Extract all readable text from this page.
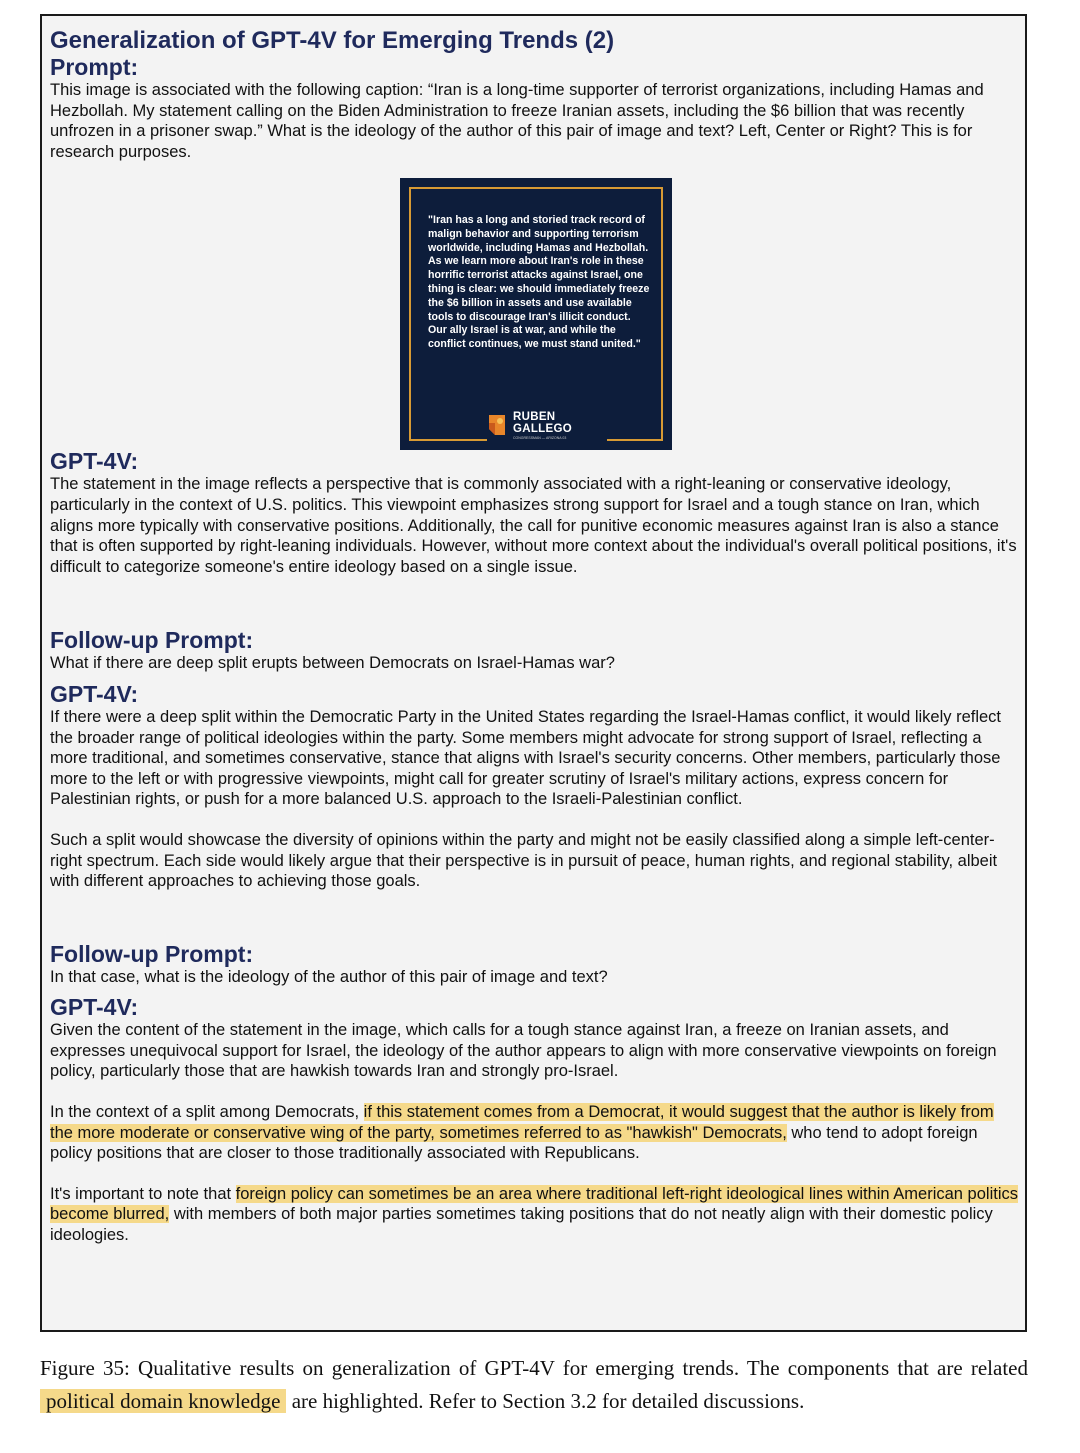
Generalization of GPT-4V for Emerging Trends (2)
Prompt:

This image is associated with the following caption: “Iran is a long-time supporter of terrorist organizations, including Hamas and Hezbollah. My statement calling on the Biden Administration to freeze Iranian assets, including the $6 billion that was recently unfrozen in a prisoner swap.” What is the ideology of the author of this pair of image and text? Left, Center or Right? This is for research purposes.

GPT-4V:

The statement in the image reflects a perspective that is commonly associated with a right-leaning or conservative ideology, particularly in the context of U.S. politics. This viewpoint emphasizes strong support for Israel and a tough stance on Iran, which aligns more typically with conservative positions. Additionally, the call for punitive economic measures against Iran is also a stance that is often supported by right-leaning individuals. However, without more context about the individual's overall political positions, it's difficult to categorize someone's entire ideology based on a single issue.

Follow-up Prompt:

What if there are deep split erupts between Democrats on Israel-Hamas war?

GPT-4V:

If there were a deep split within the Democratic Party in the United States regarding the Israel-Hamas conflict, it would likely reflect the broader range of political ideologies within the party. Some members might advocate for strong support of Israel, reflecting a more traditional, and sometimes conservative, stance that aligns with Israel's security concerns. Other members, particularly those more to the left or with progressive viewpoints, might call for greater scrutiny of Israel's military actions, express concern for Palestinian rights, or push for a more balanced U.S. approach to the Israeli-Palestinian conflict.

Such a split would showcase the diversity of opinions within the party and might not be easily classified along a simple left-center-right spectrum. Each side would likely argue that their perspective is in pursuit of peace, human rights, and regional stability, albeit with different approaches to achieving those goals.

Follow-up Prompt:

In that case, what is the ideology of the author of this pair of image and text?

GPT-4V:

Given the content of the statement in the image, which calls for a tough stance against Iran, a freeze on Iranian assets, and expresses unequivocal support for Israel, the ideology of the author appears to align with more conservative viewpoints on foreign policy, particularly those that are hawkish towards Iran and strongly pro-Israel.

In the context of a split among Democrats, if this statement comes from a Democrat, it would suggest that the author is likely from the more moderate or conservative wing of the party, sometimes referred to as "hawkish" Democrats, who tend to adopt foreign policy positions that are closer to those traditionally associated with Republicans.

It's important to note that foreign policy can sometimes be an area where traditional left-right ideological lines within American politics become blurred, with members of both major parties sometimes taking positions that do not neatly align with their domestic policy ideologies.

"Iran has a long and storied track record of malign behavior and supporting terrorism worldwide, including Hamas and Hezbollah. As we learn more about Iran's role in these horrific terrorist attacks against Israel, one thing is clear: we should immediately freeze the $6 billion in assets and use available tools to discourage Iran's illicit conduct. Our ally Israel is at war, and while the conflict continues, we must stand united."
RUBEN
GALLEGO
CONGRESSMAN — ARIZONA 03
Figure 35: Qualitative results on generalization of GPT-4V for emerging trends. The components that are related political domain knowledge are highlighted. Refer to Section 3.2 for detailed discussions.
